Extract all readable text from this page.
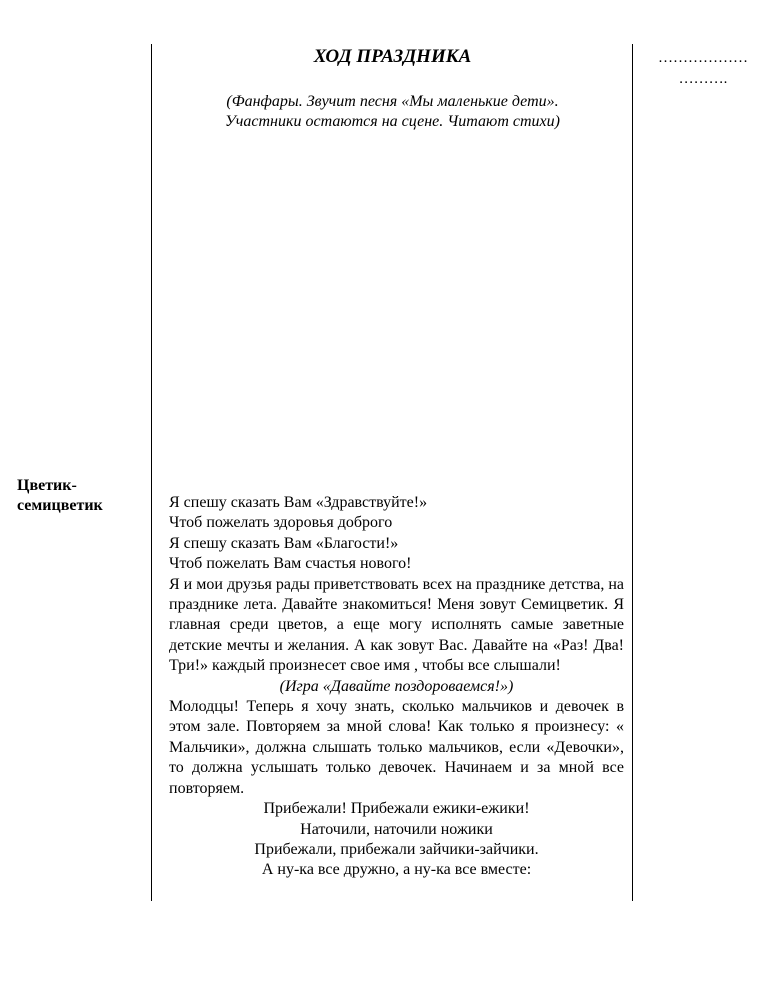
ХОД ПРАЗДНИКА
(Фанфары. Звучит песня «Мы маленькие дети».
Участники остаются на сцене. Читают стихи)
………………
……….
Цветик-
семицветик	Я спешу сказать Вам «Здравствуйте!»
Чтоб пожелать здоровья доброго
Я спешу сказать Вам «Благости!»
Чтоб пожелать Вам счастья нового!
Я и мои друзья рады приветствовать всех на празднике детства, на празднике лета. Давайте знакомиться! Меня зовут Семицветик. Я главная среди цветов, а еще могу исполнять самые заветные детские мечты и желания. А как зовут Вас. Давайте на «Раз! Два! Три!» каждый произнесет свое имя , чтобы все слышали!
(Игра «Давайте поздороваемся!»)
Молодцы! Теперь я хочу знать, сколько мальчиков и девочек в этом зале. Повторяем за мной слова! Как только я произнесу: « Мальчики», должна слышать только мальчиков, если «Девочки», то должна услышать только девочек. Начинаем и за мной все повторяем.
Прибежали! Прибежали ежики-ежики!
Наточили, наточили ножики
Прибежали, прибежали зайчики-зайчики.
А ну-ка все дружно, а ну-ка все вместе:
